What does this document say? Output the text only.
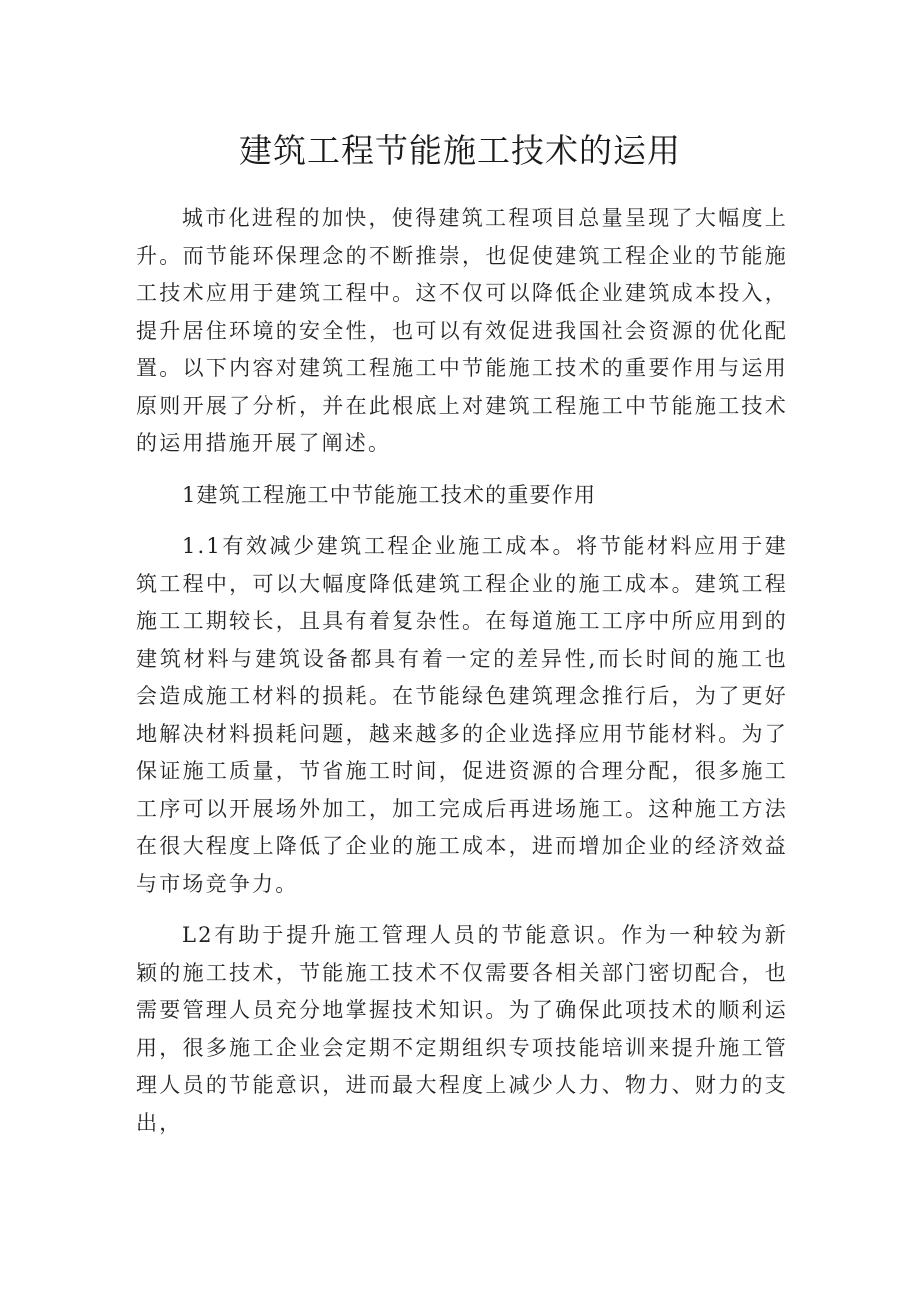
建筑工程节能施工技术的运用

城市化进程的加快，使得建筑工程项目总量呈现了大幅度上升。而节能环保理念的不断推崇，也促使建筑工程企业的节能施工技术应用于建筑工程中。这不仅可以降低企业建筑成本投入，提升居住环境的安全性，也可以有效促进我国社会资源的优化配置。以下内容对建筑工程施工中节能施工技术的重要作用与运用原则开展了分析，并在此根底上对建筑工程施工中节能施工技术的运用措施开展了阐述。

1建筑工程施工中节能施工技术的重要作用

1.1有效减少建筑工程企业施工成本。将节能材料应用于建筑工程中，可以大幅度降低建筑工程企业的施工成本。建筑工程施工工期较长，且具有着复杂性。在每道施工工序中所应用到的建筑材料与建筑设备都具有着一定的差异性,而长时间的施工也会造成施工材料的损耗。在节能绿色建筑理念推行后，为了更好地解决材料损耗问题，越来越多的企业选择应用节能材料。为了保证施工质量，节省施工时间，促进资源的合理分配，很多施工工序可以开展场外加工，加工完成后再进场施工。这种施工方法在很大程度上降低了企业的施工成本，进而增加企业的经济效益与市场竞争力。

L2有助于提升施工管理人员的节能意识。作为一种较为新颖的施工技术，节能施工技术不仅需要各相关部门密切配合，也需要管理人员充分地掌握技术知识。为了确保此项技术的顺利运用，很多施工企业会定期不定期组织专项技能培训来提升施工管理人员的节能意识，进而最大程度上减少人力、物力、财力的支出，
